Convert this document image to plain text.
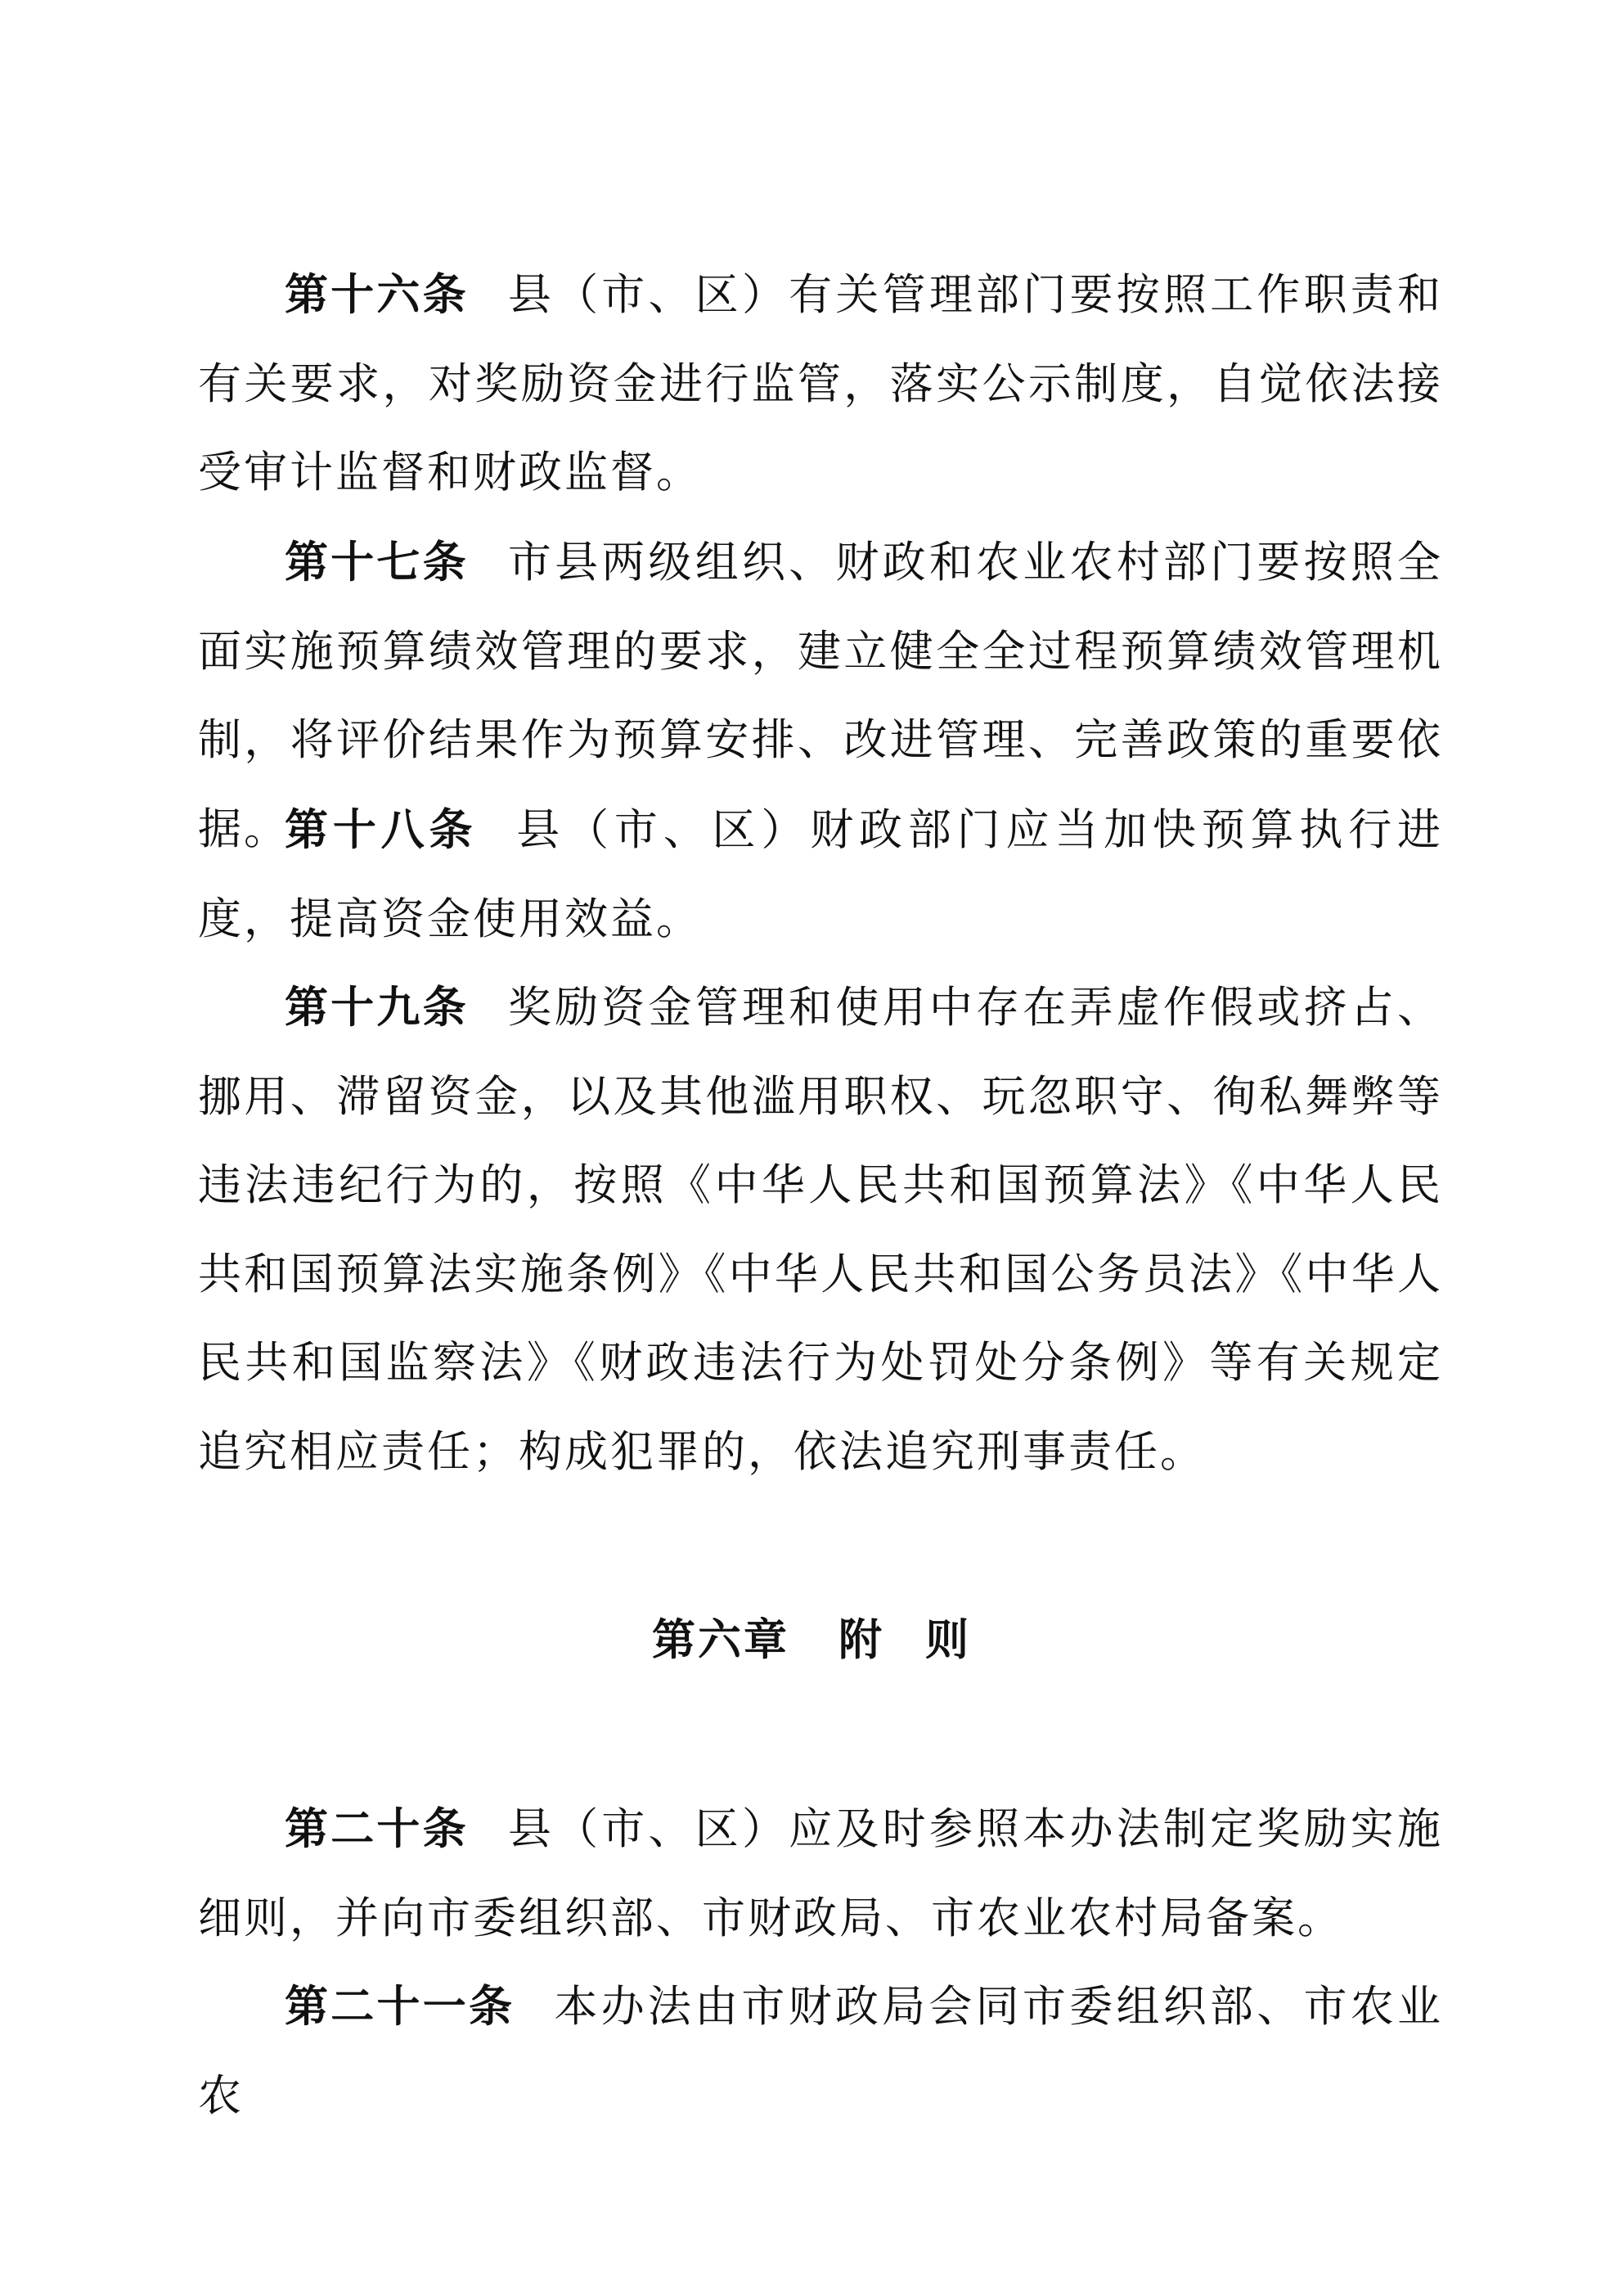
第十六条 县（市、区）有关管理部门要按照工作职责和有关要求，对奖励资金进行监管，落实公示制度，自觉依法接受审计监督和财政监督。

第十七条 市县两级组织、财政和农业农村部门要按照全面实施预算绩效管理的要求，建立健全全过程预算绩效管理机制，将评价结果作为预算安排、改进管理、完善政策的重要依据。

第十八条 县（市、区）财政部门应当加快预算执行进度，提高资金使用效益。

第十九条 奖励资金管理和使用中存在弄虚作假或挤占、挪用、滞留资金，以及其他滥用职权、玩忽职守、徇私舞弊等违法违纪行为的，按照《中华人民共和国预算法》《中华人民共和国预算法实施条例》《中华人民共和国公务员法》《中华人民共和国监察法》《财政违法行为处罚处分条例》等有关规定追究相应责任；构成犯罪的，依法追究刑事责任。

第六章 附 则

第二十条 县（市、区）应及时参照本办法制定奖励实施细则，并向市委组织部、市财政局、市农业农村局备案。

第二十一条 本办法由市财政局会同市委组织部、市农业农
